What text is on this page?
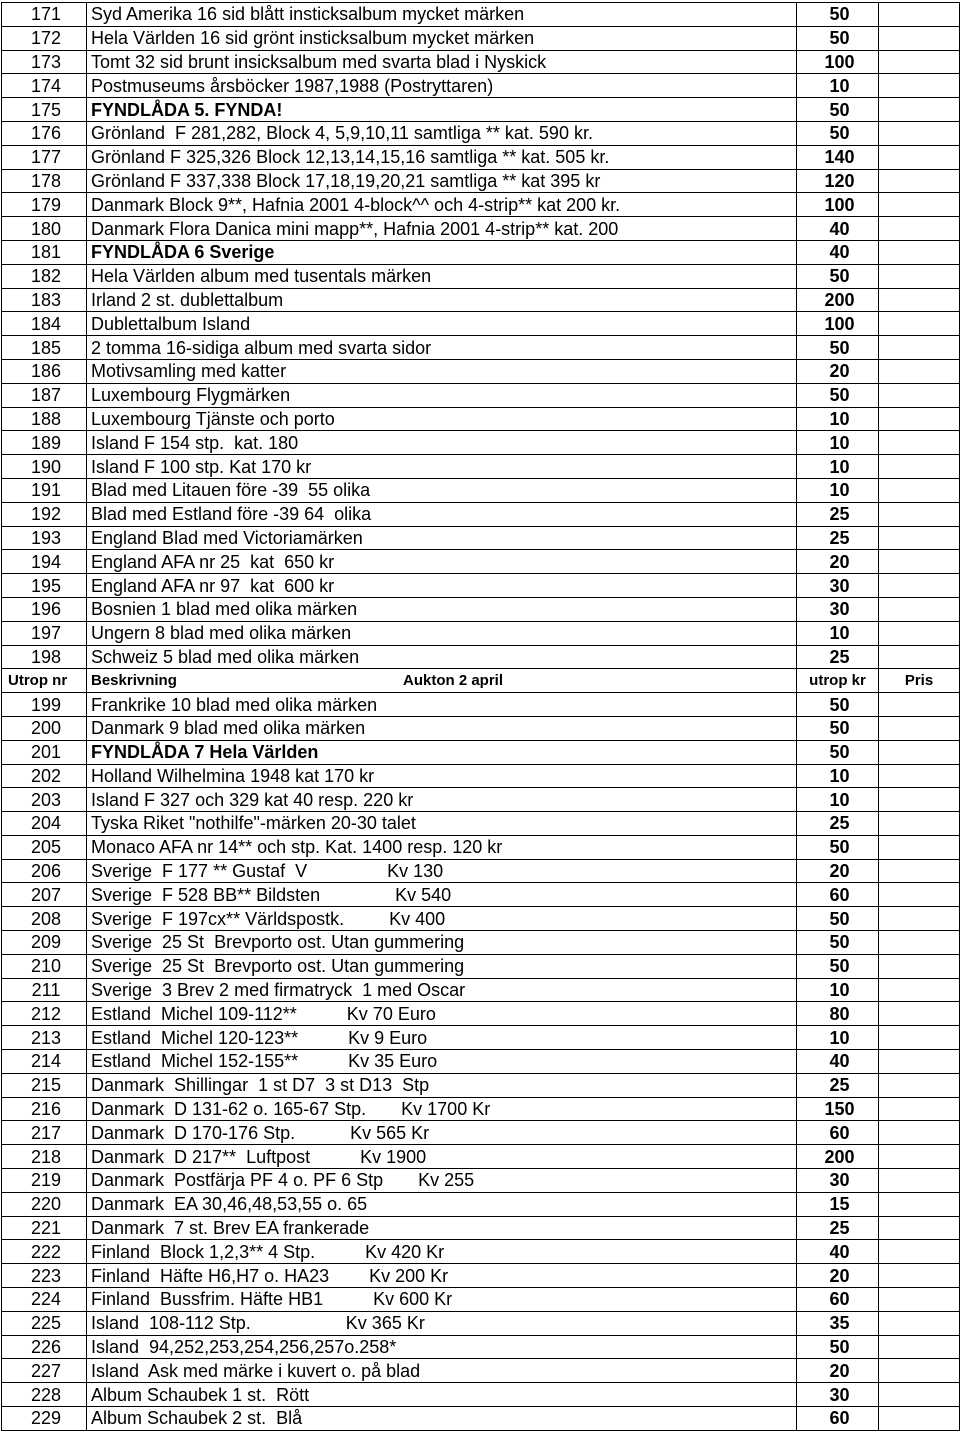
171	Syd Amerika 16 sid blått insticksalbum mycket märken	50	
172	Hela Världen 16 sid grönt insticksalbum mycket märken	50	
173	Tomt 32 sid brunt insicksalbum med svarta blad i Nyskick	100	
174	Postmuseums årsböcker 1987,1988 (Postryttaren)	10	
175	FYNDLÅDA 5. FYNDA!	50	
176	Grönland  F 281,282, Block 4, 5,9,10,11 samtliga ** kat. 590 kr.	50	
177	Grönland F 325,326 Block 12,13,14,15,16 samtliga ** kat. 505 kr.	140	
178	Grönland F 337,338 Block 17,18,19,20,21 samtliga ** kat 395 kr	120	
179	Danmark Block 9**, Hafnia 2001 4-block^^ och 4-strip** kat 200 kr.	100	
180	Danmark Flora Danica mini mapp**, Hafnia 2001 4-strip** kat. 200	40	
181	FYNDLÅDA 6 Sverige	40	
182	Hela Världen album med tusentals märken	50	
183	Irland 2 st. dublettalbum	200	
184	Dublettalbum Island	100	
185	2 tomma 16-sidiga album med svarta sidor	50	
186	Motivsamling med katter	20	
187	Luxembourg Flygmärken	50	
188	Luxembourg Tjänste och porto	10	
189	Island F 154 stp.  kat. 180	10	
190	Island F 100 stp. Kat 170 kr	10	
191	Blad med Litauen före -39  55 olika	10	
192	Blad med Estland före -39 64  olika	25	
193	England Blad med Victoriamärken	25	
194	England AFA nr 25  kat  650 kr	20	
195	England AFA nr 97  kat  600 kr	30	
196	Bosnien 1 blad med olika märken	30	
197	Ungern 8 blad med olika märken	10	
198	Schweiz 5 blad med olika märken	25	
Utrop nr	Beskrivning Aukton 2 april	utrop kr	Pris
199	Frankrike 10 blad med olika märken	50	
200	Danmark 9 blad med olika märken	50	
201	FYNDLÅDA 7 Hela Världen	50	
202	Holland Wilhelmina 1948 kat 170 kr	10	
203	Island F 327 och 329 kat 40 resp. 220 kr	10	
204	Tyska Riket "nothilfe"-märken 20-30 talet	25	
205	Monaco AFA nr 14** och stp. Kat. 1400 resp. 120 kr	50	
206	Sverige  F 177 ** Gustaf  V                Kv 130	20	
207	Sverige  F 528 BB** Bildsten               Kv 540	60	
208	Sverige  F 197cx** Världspostk.         Kv 400	50	
209	Sverige  25 St  Brevporto ost. Utan gummering	50	
210	Sverige  25 St  Brevporto ost. Utan gummering	50	
211	Sverige  3 Brev 2 med firmatryck  1 med Oscar	10	
212	Estland  Michel 109-112**          Kv 70 Euro	80	
213	Estland  Michel 120-123**          Kv 9 Euro	10	
214	Estland  Michel 152-155**          Kv 35 Euro	40	
215	Danmark  Shillingar  1 st D7  3 st D13  Stp	25	
216	Danmark  D 131-62 o. 165-67 Stp.       Kv 1700 Kr	150	
217	Danmark  D 170-176 Stp.           Kv 565 Kr	60	
218	Danmark  D 217**  Luftpost          Kv 1900	200	
219	Danmark  Postfärja PF 4 o. PF 6 Stp       Kv 255	30	
220	Danmark  EA 30,46,48,53,55 o. 65	15	
221	Danmark  7 st. Brev EA frankerade	25	
222	Finland  Block 1,2,3** 4 Stp.          Kv 420 Kr	40	
223	Finland  Häfte H6,H7 o. HA23        Kv 200 Kr	20	
224	Finland  Bussfrim. Häfte HB1          Kv 600 Kr	60	
225	Island  108-112 Stp.                   Kv 365 Kr	35	
226	Island  94,252,253,254,256,257o.258*	50	
227	Island  Ask med märke i kuvert o. på blad	20	
228	Album Schaubek 1 st.  Rött	30	
229	Album Schaubek 2 st.  Blå	60	
